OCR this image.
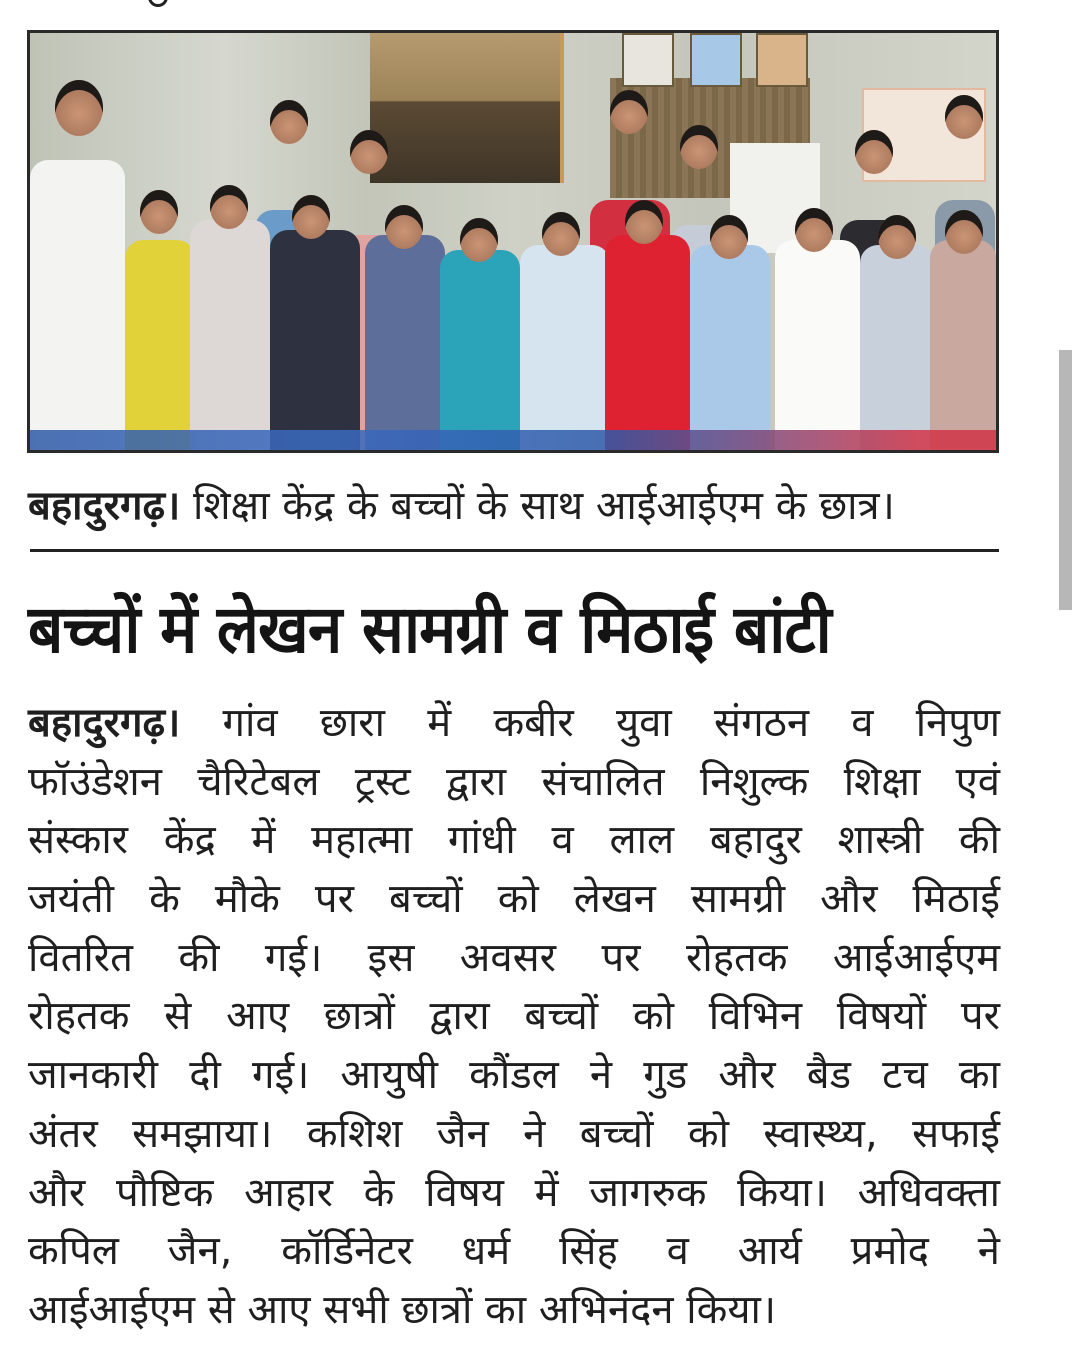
बहादुरगढ़। शिक्षा केंद्र के बच्चों के साथ आईआईएम के छात्र।
बच्चों में लेखन सामग्री व मिठाई बांटी
बहादुरगढ़। गांव छारा में कबीर युवा संगठन व निपुण
फॉउंडेशन चैरिटेबल ट्रस्ट द्वारा संचालित निशुल्क शिक्षा एवं
संस्कार केंद्र में महात्मा गांधी व लाल बहादुर शास्त्री की
जयंती के मौके पर बच्चों को लेखन सामग्री और मिठाई
वितरित की गई। इस अवसर पर रोहतक आईआईएम
रोहतक से आए छात्रों द्वारा बच्चों को विभिन विषयों पर
जानकारी दी गई। आयुषी कौंडल ने गुड और बैड टच का
अंतर समझाया। कशिश जैन ने बच्चों को स्वास्थ्य, सफाई
और पौष्टिक आहार के विषय में जागरुक किया। अधिवक्ता
कपिल जैन, कॉर्डिनेटर धर्म सिंह व आर्य प्रमोद ने
आईआईएम से आए सभी छात्रों का अभिनंदन किया।
